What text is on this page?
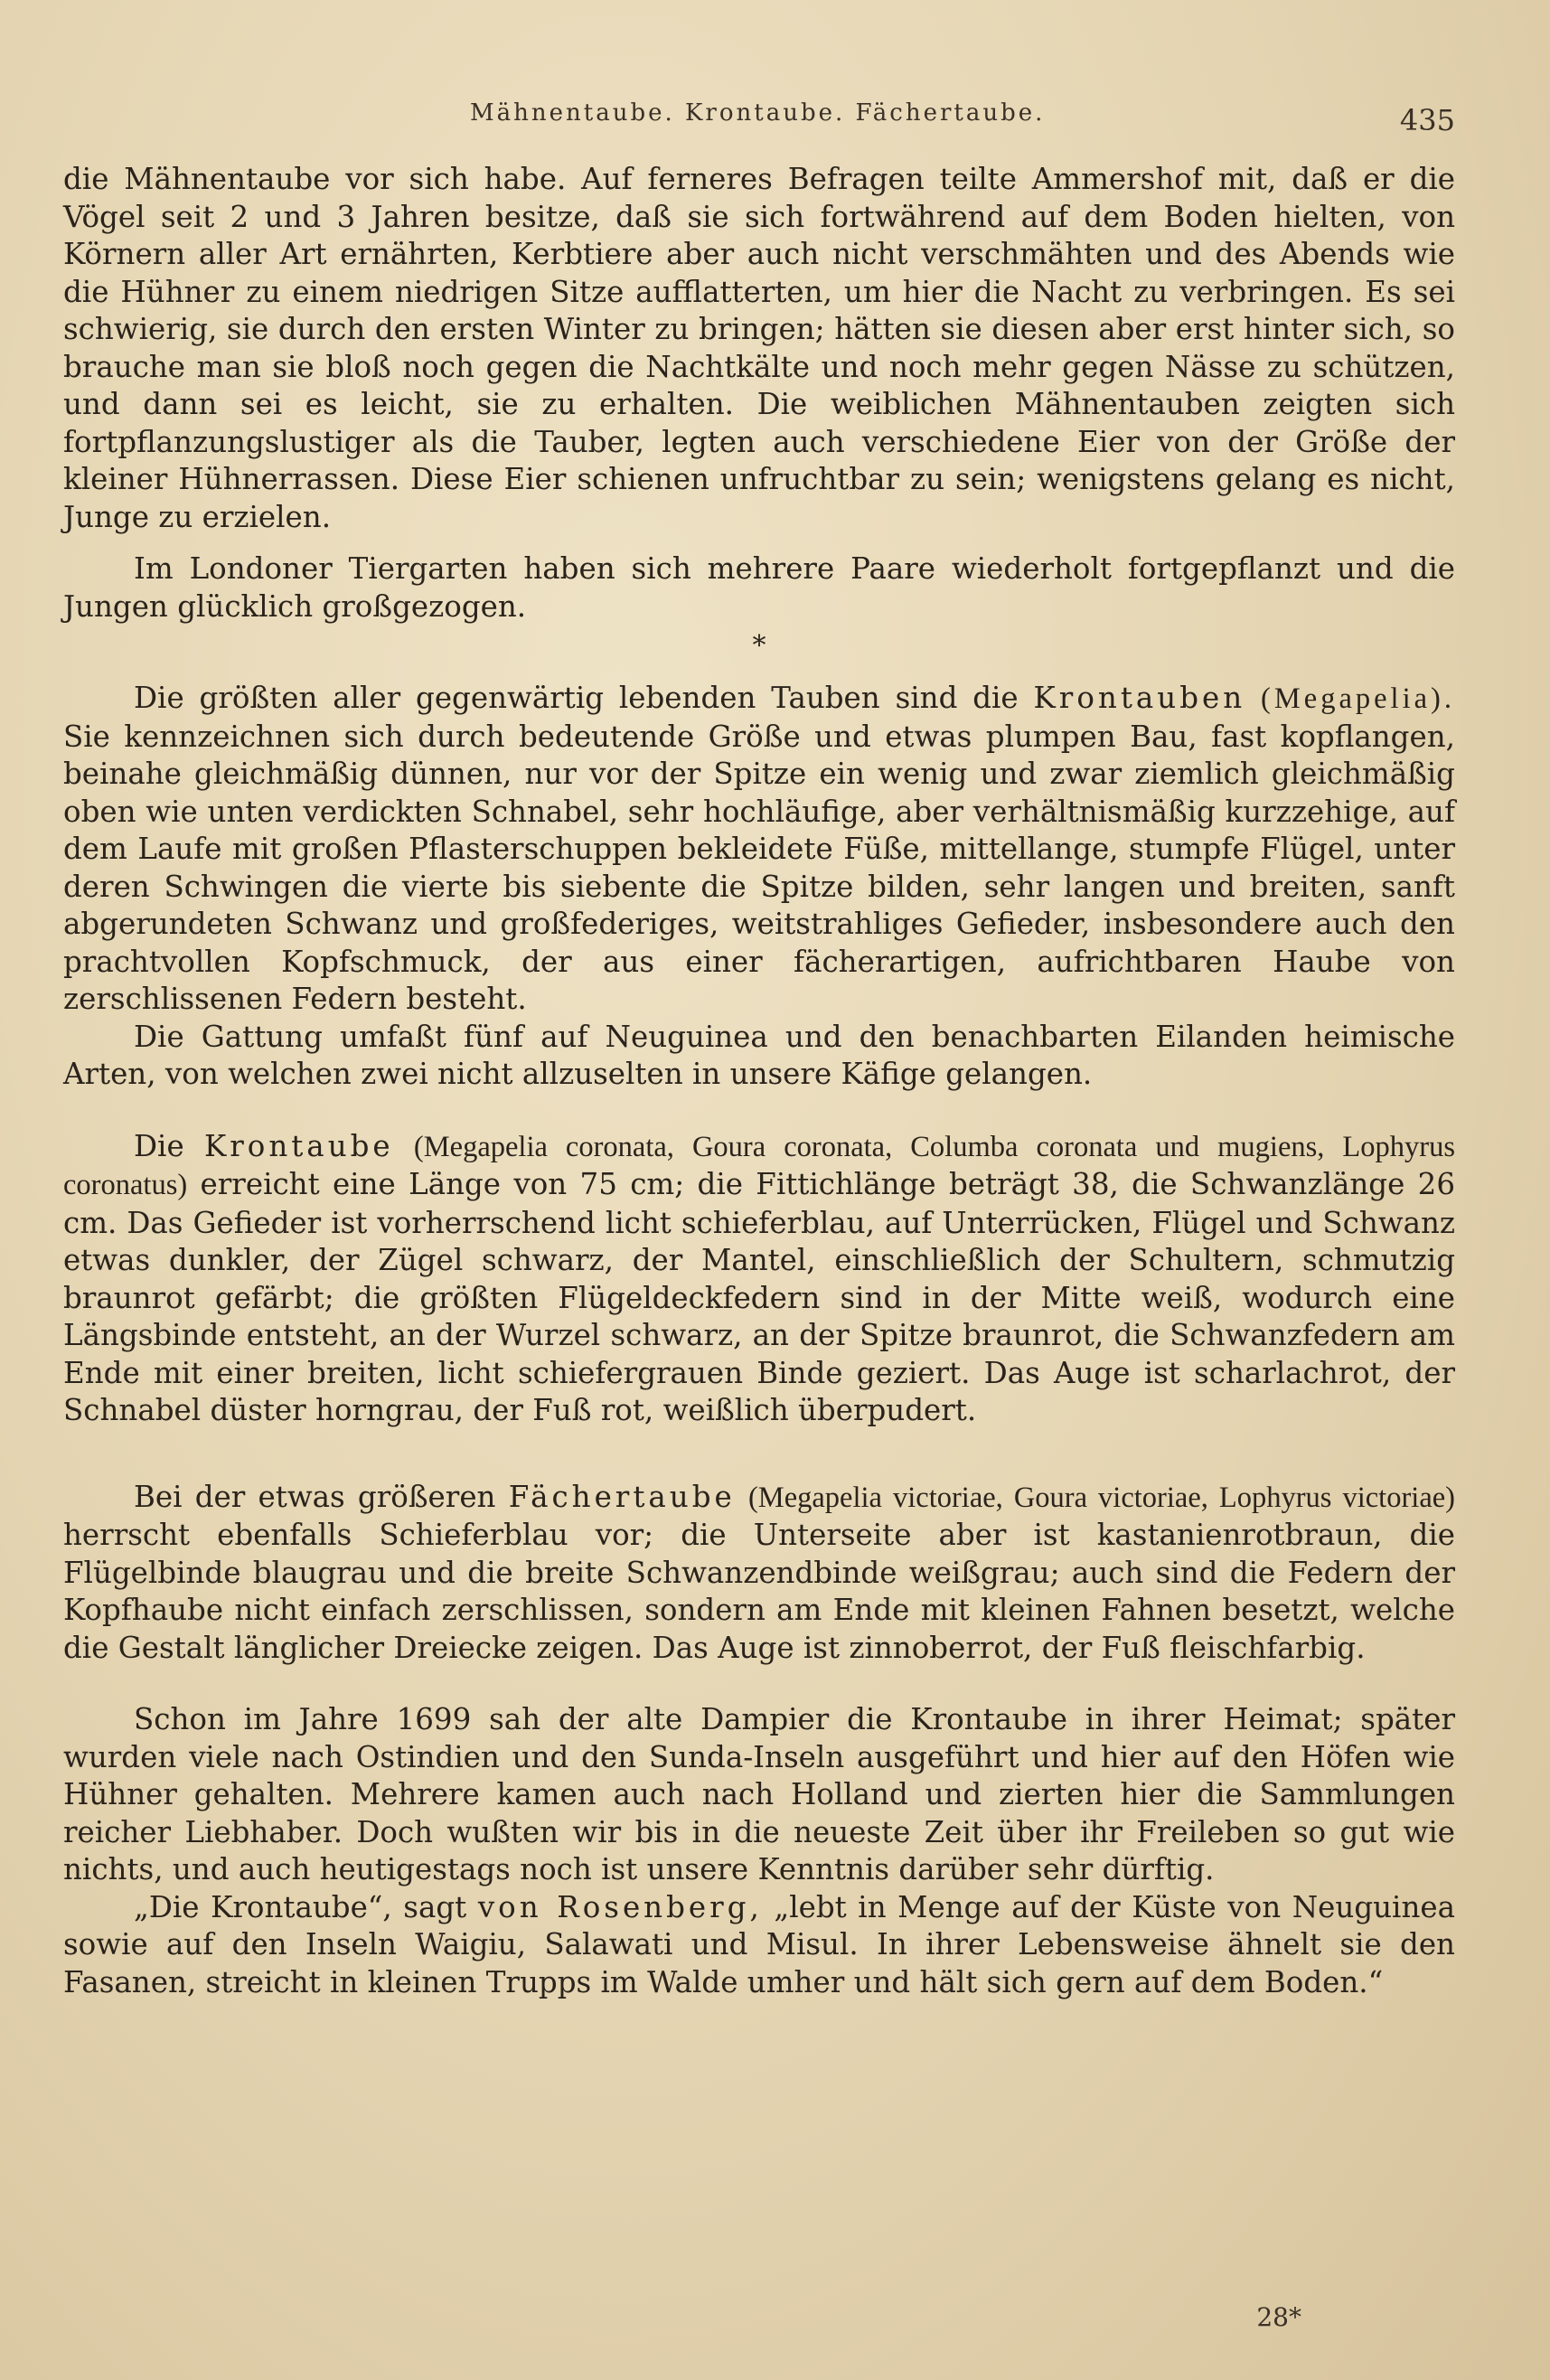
Mähnentaube. Krontaube. Fächertaube.	435

die Mähnentaube vor sich habe. Auf ferneres Befragen teilte Ammershof mit, daß er die Vögel seit 2 und 3 Jahren besitze, daß sie sich fortwährend auf dem Boden hielten, von Körnern aller Art ernährten, Kerbtiere aber auch nicht verschmähten und des Abends wie die Hühner zu einem niedrigen Sitze aufflatterten, um hier die Nacht zu verbringen. Es sei schwierig, sie durch den ersten Winter zu bringen; hätten sie diesen aber erst hinter sich, so brauche man sie bloß noch gegen die Nachtkälte und noch mehr gegen Nässe zu schützen, und dann sei es leicht, sie zu erhalten. Die weiblichen Mähnentauben zeigten sich fortpflanzungslustiger als die Tauber, legten auch verschiedene Eier von der Größe der kleiner Hühnerrassen. Diese Eier schienen unfruchtbar zu sein; wenigstens gelang es nicht, Junge zu erzielen.

Im Londoner Tiergarten haben sich mehrere Paare wiederholt fortgepflanzt und die Jungen glücklich großgezogen.

*

Die größten aller gegenwärtig lebenden Tauben sind die Krontauben (Megapelia). Sie kennzeichnen sich durch bedeutende Größe und etwas plumpen Bau, fast kopflangen, beinahe gleichmäßig dünnen, nur vor der Spitze ein wenig und zwar ziemlich gleichmäßig oben wie unten verdickten Schnabel, sehr hochläufige, aber verhältnismäßig kurzzehige, auf dem Laufe mit großen Pflasterschuppen bekleidete Füße, mittellange, stumpfe Flügel, unter deren Schwingen die vierte bis siebente die Spitze bilden, sehr langen und breiten, sanft abgerundeten Schwanz und großfederiges, weitstrahliges Gefieder, insbesondere auch den prachtvollen Kopfschmuck, der aus einer fächerartigen, aufrichtbaren Haube von zerschlissenen Federn besteht.

Die Gattung umfaßt fünf auf Neuguinea und den benachbarten Eilanden heimische Arten, von welchen zwei nicht allzuselten in unsere Käfige gelangen.

Die Krontaube (Megapelia coronata, Goura coronata, Columba coronata und mugiens, Lophyrus coronatus) erreicht eine Länge von 75 cm; die Fittichlänge beträgt 38, die Schwanzlänge 26 cm. Das Gefieder ist vorherrschend licht schieferblau, auf Unterrücken, Flügel und Schwanz etwas dunkler, der Zügel schwarz, der Mantel, einschließlich der Schultern, schmutzig braunrot gefärbt; die größten Flügeldeckfedern sind in der Mitte weiß, wodurch eine Längsbinde entsteht, an der Wurzel schwarz, an der Spitze braunrot, die Schwanzfedern am Ende mit einer breiten, licht schiefergrauen Binde geziert. Das Auge ist scharlachrot, der Schnabel düster horngrau, der Fuß rot, weißlich überpudert.

Bei der etwas größeren Fächertaube (Megapelia victoriae, Goura victoriae, Lophyrus victoriae) herrscht ebenfalls Schieferblau vor; die Unterseite aber ist kastanienrotbraun, die Flügelbinde blaugrau und die breite Schwanzendbinde weißgrau; auch sind die Federn der Kopfhaube nicht einfach zerschlissen, sondern am Ende mit kleinen Fahnen besetzt, welche die Gestalt länglicher Dreiecke zeigen. Das Auge ist zinnoberrot, der Fuß fleischfarbig.

Schon im Jahre 1699 sah der alte Dampier die Krontaube in ihrer Heimat; später wurden viele nach Ostindien und den Sunda-Inseln ausgeführt und hier auf den Höfen wie Hühner gehalten. Mehrere kamen auch nach Holland und zierten hier die Sammlungen reicher Liebhaber. Doch wußten wir bis in die neueste Zeit über ihr Freileben so gut wie nichts, und auch heutigestags noch ist unsere Kenntnis darüber sehr dürftig.

„Die Krontaube“, sagt von Rosenberg, „lebt in Menge auf der Küste von Neuguinea sowie auf den Inseln Waigiu, Salawati und Misul. In ihrer Lebensweise ähnelt sie den Fasanen, streicht in kleinen Trupps im Walde umher und hält sich gern auf dem Boden.“

28*
